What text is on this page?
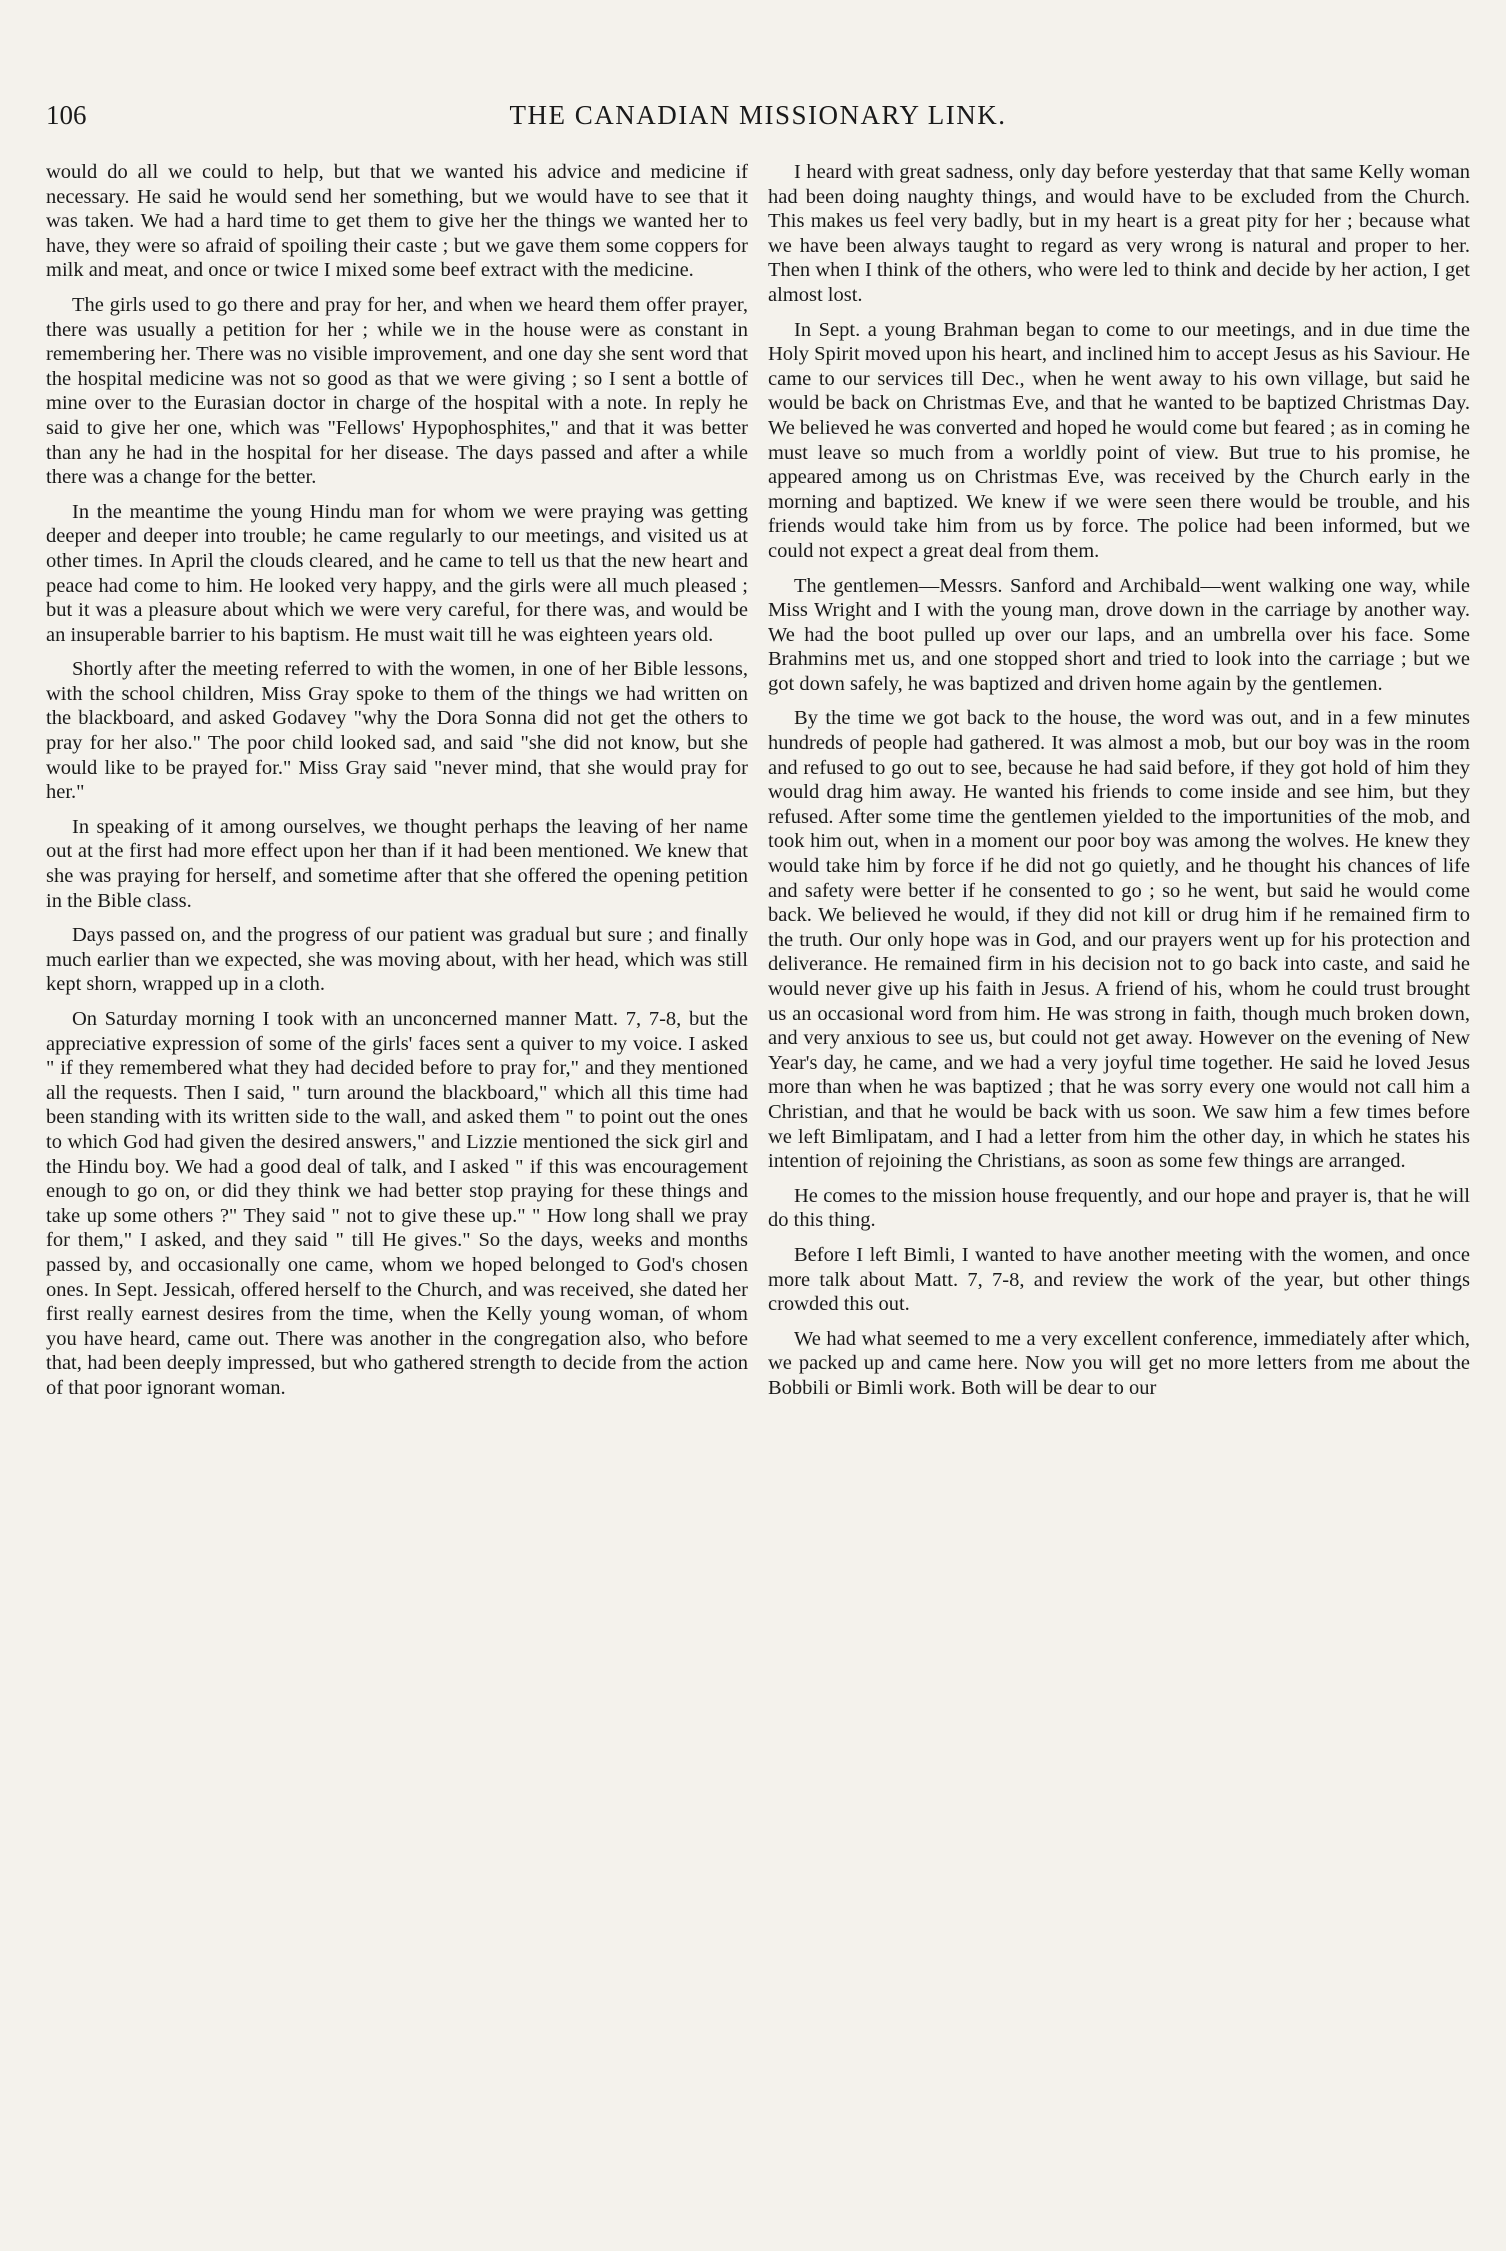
106	THE CANADIAN MISSIONARY LINK.

would do all we could to help, but that we wanted his advice and medicine if necessary. He said he would send her something, but we would have to see that it was taken. We had a hard time to get them to give her the things we wanted her to have, they were so afraid of spoiling their caste ; but we gave them some coppers for milk and meat, and once or twice I mixed some beef extract with the medicine.

The girls used to go there and pray for her, and when we heard them offer prayer, there was usually a petition for her ; while we in the house were as constant in remembering her. There was no visible improvement, and one day she sent word that the hospital medicine was not so good as that we were giving ; so I sent a bottle of mine over to the Eurasian doctor in charge of the hospital with a note. In reply he said to give her one, which was "Fellows' Hypophosphites," and that it was better than any he had in the hospital for her disease. The days passed and after a while there was a change for the better.

In the meantime the young Hindu man for whom we were praying was getting deeper and deeper into trouble; he came regularly to our meetings, and visited us at other times. In April the clouds cleared, and he came to tell us that the new heart and peace had come to him. He looked very happy, and the girls were all much pleased ; but it was a pleasure about which we were very careful, for there was, and would be an insuperable barrier to his baptism. He must wait till he was eighteen years old.

Shortly after the meeting referred to with the women, in one of her Bible lessons, with the school children, Miss Gray spoke to them of the things we had written on the blackboard, and asked Godavey "why the Dora Sonna did not get the others to pray for her also." The poor child looked sad, and said "she did not know, but she would like to be prayed for." Miss Gray said "never mind, that she would pray for her."

In speaking of it among ourselves, we thought perhaps the leaving of her name out at the first had more effect upon her than if it had been mentioned. We knew that she was praying for herself, and sometime after that she offered the opening petition in the Bible class.

Days passed on, and the progress of our patient was gradual but sure ; and finally much earlier than we expected, she was moving about, with her head, which was still kept shorn, wrapped up in a cloth.

On Saturday morning I took with an unconcerned manner Matt. 7, 7-8, but the appreciative expression of some of the girls' faces sent a quiver to my voice. I asked " if they remembered what they had decided before to pray for," and they mentioned all the requests. Then I said, " turn around the blackboard," which all this time had been standing with its written side to the wall, and asked them " to point out the ones to which God had given the desired answers," and Lizzie mentioned the sick girl and the Hindu boy. We had a good deal of talk, and I asked " if this was encouragement enough to go on, or did they think we had better stop praying for these things and take up some others ?" They said " not to give these up." " How long shall we pray for them," I asked, and they said " till He gives." So the days, weeks and months passed by, and occasionally one came, whom we hoped belonged to God's chosen ones. In Sept. Jessicah, offered herself to the Church, and was received, she dated her first really earnest desires from the time, when the Kelly young woman, of whom you have heard, came out. There was another in the congregation also, who before that, had been deeply impressed, but who gathered strength to decide from the action of that poor ignorant woman.

I heard with great sadness, only day before yesterday that that same Kelly woman had been doing naughty things, and would have to be excluded from the Church. This makes us feel very badly, but in my heart is a great pity for her ; because what we have been always taught to regard as very wrong is natural and proper to her. Then when I think of the others, who were led to think and decide by her action, I get almost lost.

In Sept. a young Brahman began to come to our meetings, and in due time the Holy Spirit moved upon his heart, and inclined him to accept Jesus as his Saviour. He came to our services till Dec., when he went away to his own village, but said he would be back on Christmas Eve, and that he wanted to be baptized Christmas Day. We believed he was converted and hoped he would come but feared ; as in coming he must leave so much from a worldly point of view. But true to his promise, he appeared among us on Christmas Eve, was received by the Church early in the morning and baptized. We knew if we were seen there would be trouble, and his friends would take him from us by force. The police had been informed, but we could not expect a great deal from them.

The gentlemen—Messrs. Sanford and Archibald—went walking one way, while Miss Wright and I with the young man, drove down in the carriage by another way. We had the boot pulled up over our laps, and an umbrella over his face. Some Brahmins met us, and one stopped short and tried to look into the carriage ; but we got down safely, he was baptized and driven home again by the gentlemen.

By the time we got back to the house, the word was out, and in a few minutes hundreds of people had gathered. It was almost a mob, but our boy was in the room and refused to go out to see, because he had said before, if they got hold of him they would drag him away. He wanted his friends to come inside and see him, but they refused. After some time the gentlemen yielded to the importunities of the mob, and took him out, when in a moment our poor boy was among the wolves. He knew they would take him by force if he did not go quietly, and he thought his chances of life and safety were better if he consented to go ; so he went, but said he would come back. We believed he would, if they did not kill or drug him if he remained firm to the truth. Our only hope was in God, and our prayers went up for his protection and deliverance. He remained firm in his decision not to go back into caste, and said he would never give up his faith in Jesus. A friend of his, whom he could trust brought us an occasional word from him. He was strong in faith, though much broken down, and very anxious to see us, but could not get away. However on the evening of New Year's day, he came, and we had a very joyful time together. He said he loved Jesus more than when he was baptized ; that he was sorry every one would not call him a Christian, and that he would be back with us soon. We saw him a few times before we left Bimlipatam, and I had a letter from him the other day, in which he states his intention of rejoining the Christians, as soon as some few things are arranged.

He comes to the mission house frequently, and our hope and prayer is, that he will do this thing.

Before I left Bimli, I wanted to have another meeting with the women, and once more talk about Matt. 7, 7-8, and review the work of the year, but other things crowded this out.

We had what seemed to me a very excellent conference, immediately after which, we packed up and came here. Now you will get no more letters from me about the Bobbili or Bimli work. Both will be dear to our
